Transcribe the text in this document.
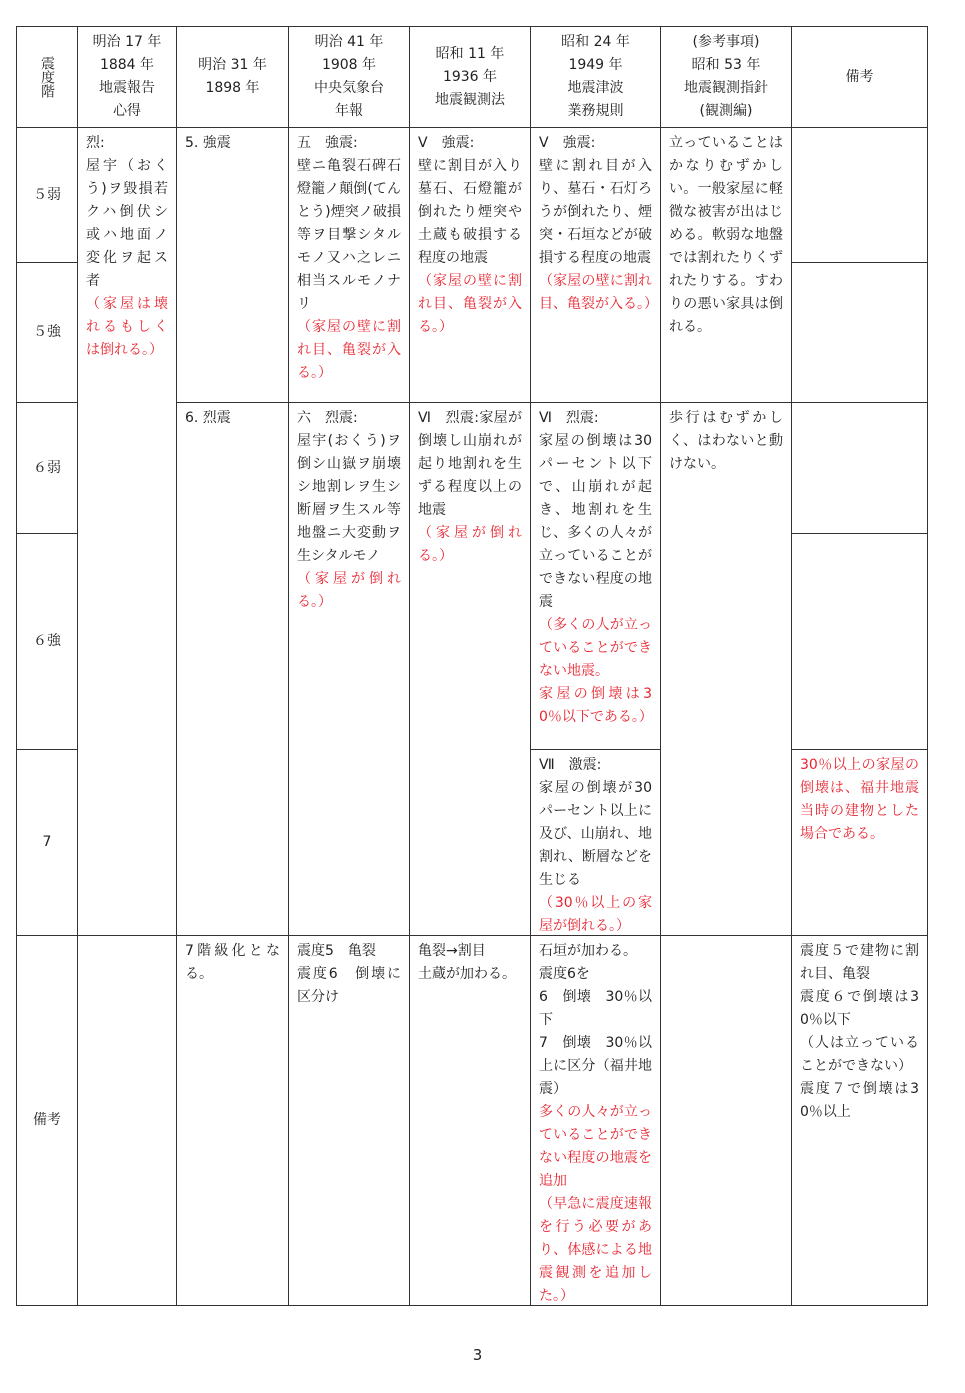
震度階
明治 17 年
1884 年
地震報告
心得
明治 31 年
1898 年
明治 41 年
1908 年
中央気象台
年報
昭和 11 年
1936 年
地震観測法
昭和 24 年
1949 年
地震津波
業務規則
(参考事項)
昭和 53 年
地震観測指針
(観測編)
備考
５弱
５強
６弱
６強
7
備考
烈:
屋宇（おくう)ヲ毀損若クハ倒伏シ或ハ地面ノ変化ヲ起ス者
（家屋は壊れるもしくは倒れる。）
5. 強震
6. 烈震
7階級化となる。
五　強震:
壁ニ亀裂石碑石燈籠ノ顛倒(てんとう)煙突ノ破損等ヲ目撃シタルモノ又ハ之レニ相当スルモノナリ
（家屋の壁に割れ目、亀裂が入る。）
六　烈震:
屋宇(おくう)ヲ倒シ山嶽ヲ崩壊シ地割レヲ生シ断層ヲ生スル等地盤ニ大変動ヲ生シタルモノ
（家屋が倒れる。）
震度5　亀裂
震度6　倒壊に区分け
Ⅴ　強震:
壁に割目が入り墓石、石燈籠が倒れたり煙突や土蔵も破損する程度の地震
（家屋の壁に割れ目、亀裂が入る。）
Ⅵ　烈震:家屋が倒壊し山崩れが起り地割れを生ずる程度以上の地震
（家屋が倒れる。）
亀裂→割目
土蔵が加わる。
Ⅴ　強震:
壁に割れ目が入り、墓石・石灯ろうが倒れたり、煙突・石垣などが破損する程度の地震
（家屋の壁に割れ目、亀裂が入る。）
Ⅵ　烈震:
家屋の倒壊は30 パーセント以下で、山崩れが起き、地割れを生じ、多くの人々が立っていることができない程度の地震
（多くの人が立っていることができない地震。
家屋の倒壊は30％以下である。）
Ⅶ　激震:
家屋の倒壊が30 パーセント以上に及び、山崩れ、地割れ、断層などを生じる
（30％以上の家屋が倒れる。）
石垣が加わる。
震度6を
6　倒壊　30％以下
7　倒壊　30％以上に区分（福井地震）
多くの人々が立っていることができない程度の地震を追加
（早急に震度速報を行う必要があり、体感による地震観測を追加した。）
立っていることはかなりむずかしい。一般家屋に軽微な被害が出はじめる。軟弱な地盤では割れたりくずれたりする。すわりの悪い家具は倒れる。
歩行はむずかしく、はわないと動けない。
30％以上の家屋の倒壊は、福井地震当時の建物とした場合である。
震度５で建物に割れ目、亀裂
震度６で倒壊は30％以下
（人は立っていることができない）
震度７で倒壊は30％以上
3
